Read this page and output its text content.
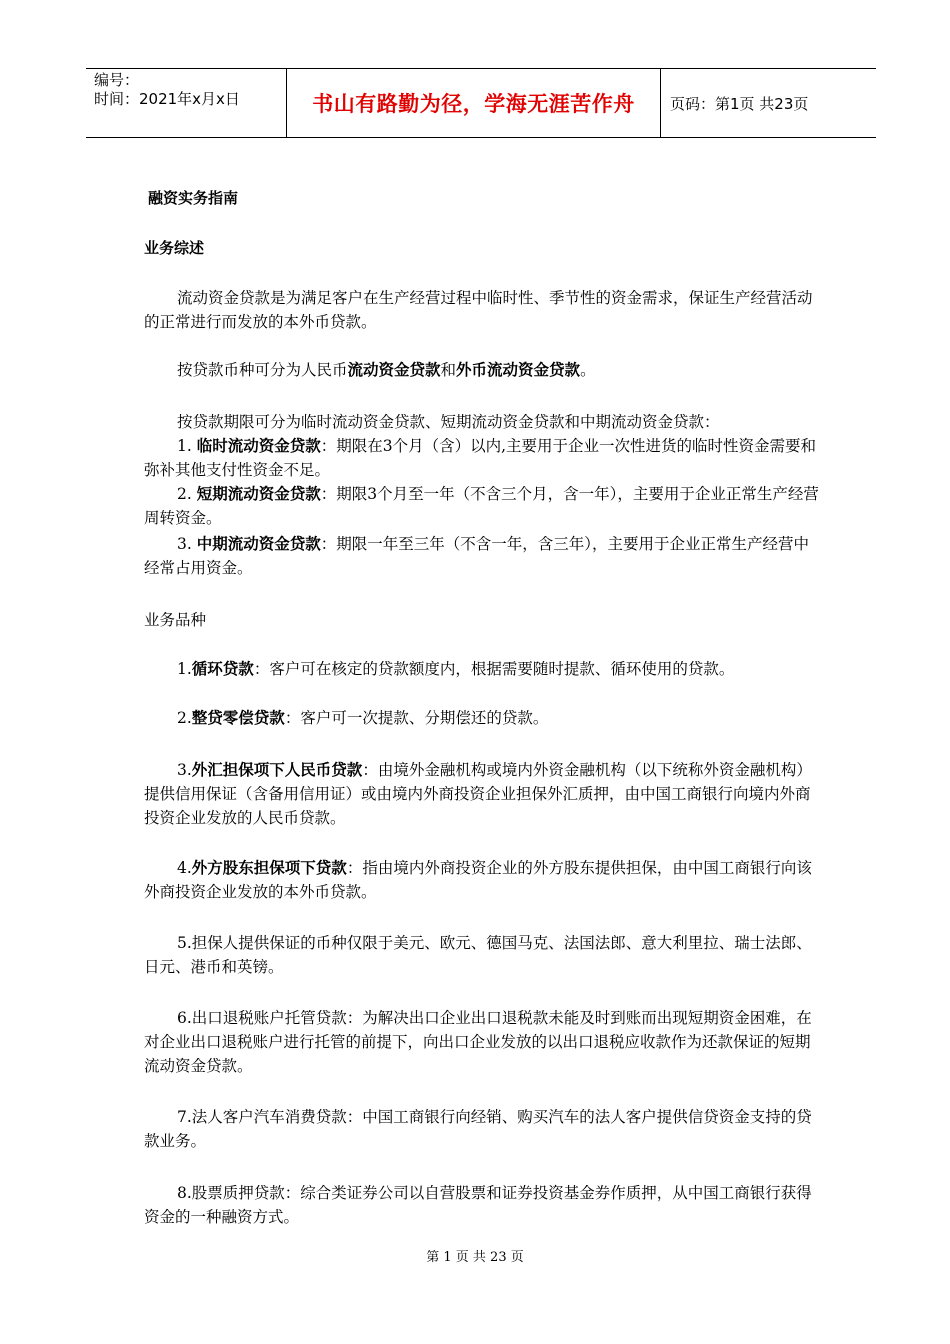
编号：
时间：2021年x月x日	书山有路勤为径，学海无涯苦作舟	页码：第1页 共23页

融资实务指南

业务综述

流动资金贷款是为满足客户在生产经营过程中临时性、季节性的资金需求，保证生产经营活动的正常进行而发放的本外币贷款。

按贷款币种可分为人民币流动资金贷款和外币流动资金贷款。

按贷款期限可分为临时流动资金贷款、短期流动资金贷款和中期流动资金贷款：

1. 临时流动资金贷款：期限在3个月（含）以内,主要用于企业一次性进货的临时性资金需要和弥补其他支付性资金不足。

2. 短期流动资金贷款：期限3个月至一年（不含三个月，含一年），主要用于企业正常生产经营周转资金。

3. 中期流动资金贷款：期限一年至三年（不含一年，含三年），主要用于企业正常生产经营中经常占用资金。

业务品种

1.循环贷款：客户可在核定的贷款额度内，根据需要随时提款、循环使用的贷款。

2.整贷零偿贷款：客户可一次提款、分期偿还的贷款。

3.外汇担保项下人民币贷款：由境外金融机构或境内外资金融机构（以下统称外资金融机构）提供信用保证（含备用信用证）或由境内外商投资企业担保外汇质押，由中国工商银行向境内外商投资企业发放的人民币贷款。

4.外方股东担保项下贷款：指由境内外商投资企业的外方股东提供担保，由中国工商银行向该外商投资企业发放的本外币贷款。

5.担保人提供保证的币种仅限于美元、欧元、德国马克、法国法郎、意大利里拉、瑞士法郎、日元、港币和英镑。

6.出口退税账户托管贷款：为解决出口企业出口退税款未能及时到账而出现短期资金困难，在对企业出口退税账户进行托管的前提下，向出口企业发放的以出口退税应收款作为还款保证的短期流动资金贷款。

7.法人客户汽车消费贷款：中国工商银行向经销、购买汽车的法人客户提供信贷资金支持的贷款业务。

8.股票质押贷款：综合类证券公司以自营股票和证券投资基金券作质押，从中国工商银行获得资金的一种融资方式。

第 1 页 共 23 页
